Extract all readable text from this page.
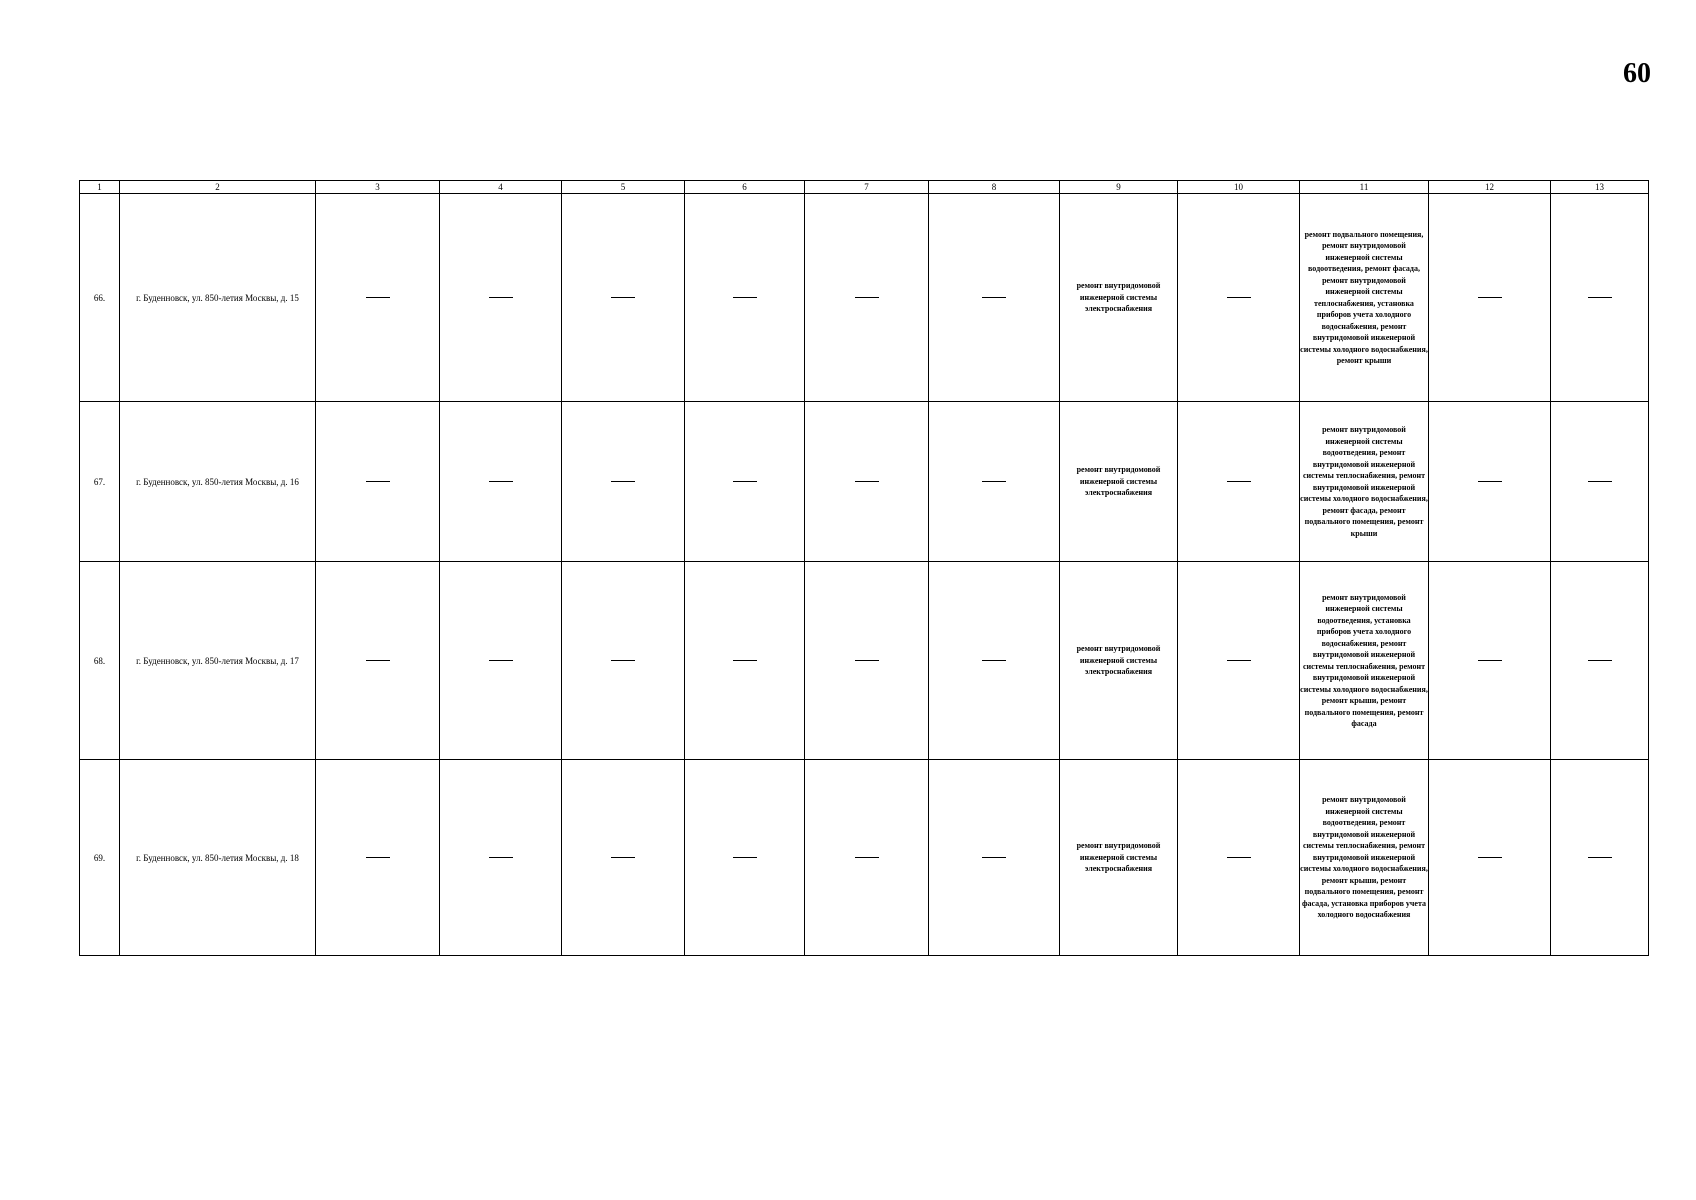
60
1	2	3	4	5	6	7	8	9	10	11	12	13
66.	г. Буденновск, ул. 850-летия Москвы, д. 15							ремонт внутридомовой инженерной системы электроснабжения		ремонт подвального помещения, ремонт внутридомовой инженерной системы водоотведения, ремонт фасада, ремонт внутридомовой инженерной системы теплоснабжения, установка приборов учета холодного водоснабжения, ремонт внутридомовой инженерной системы холодного водоснабжения, ремонт крыши		
67.	г. Буденновск, ул. 850-летия Москвы, д. 16							ремонт внутридомовой инженерной системы электроснабжения		ремонт внутридомовой инженерной системы водоотведения, ремонт внутридомовой инженерной системы теплоснабжения, ремонт внутридомовой инженерной системы холодного водоснабжения, ремонт фасада, ремонт подвального помещения, ремонт крыши		
68.	г. Буденновск, ул. 850-летия Москвы, д. 17							ремонт внутридомовой инженерной системы электроснабжения		ремонт внутридомовой инженерной системы водоотведения, установка приборов учета холодного водоснабжения, ремонт внутридомовой инженерной системы теплоснабжения, ремонт внутридомовой инженерной системы холодного водоснабжения, ремонт крыши, ремонт подвального помещения, ремонт фасада		
69.	г. Буденновск, ул. 850-летия Москвы, д. 18							ремонт внутридомовой инженерной системы электроснабжения		ремонт внутридомовой инженерной системы водоотведения, ремонт внутридомовой инженерной системы теплоснабжения, ремонт внутридомовой инженерной системы холодного водоснабжения, ремонт крыши, ремонт подвального помещения, ремонт фасада, установка приборов учета холодного водоснабжения		
